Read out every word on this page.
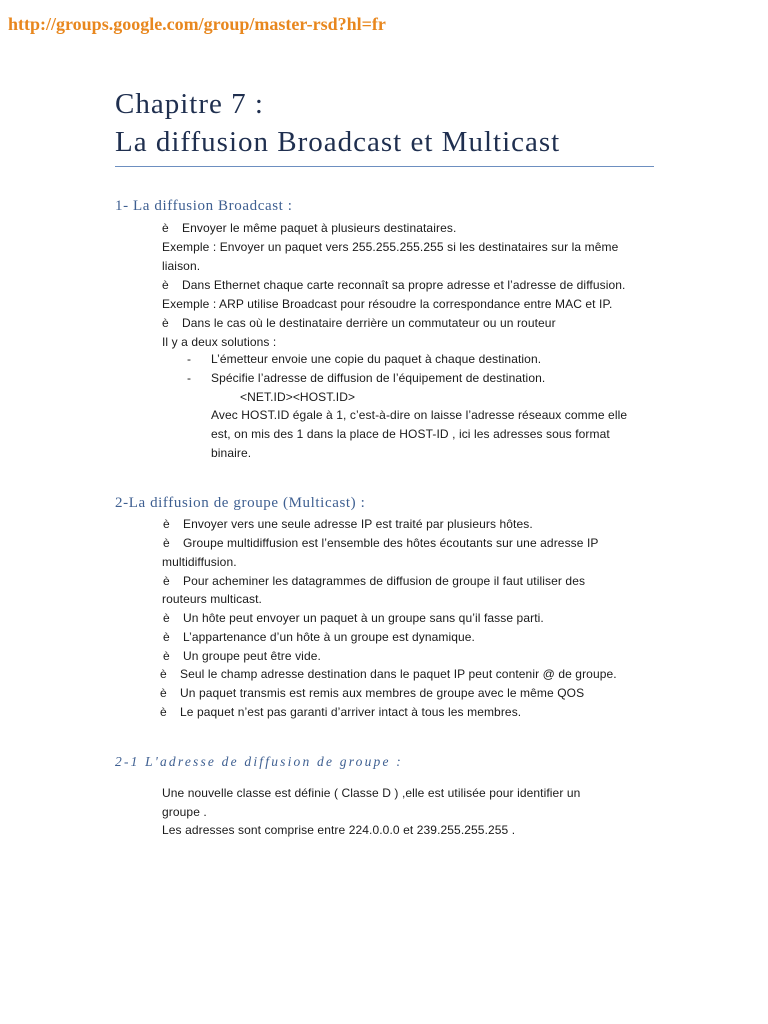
http://groups.google.com/group/master-rsd?hl=fr
Chapitre 7 :
La diffusion Broadcast et Multicast
1- La diffusion Broadcast :
è Envoyer le même paquet à plusieurs destinataires.
Exemple : Envoyer un paquet vers 255.255.255.255 si les destinataires sur la même
liaison.
è Dans Ethernet chaque carte reconnaît sa propre adresse et l’adresse de diffusion.
Exemple : ARP utilise Broadcast pour résoudre la correspondance entre MAC et IP.
è Dans le cas où le destinataire derrière un commutateur ou un routeur
Il y a deux solutions :
- L’émetteur envoie une copie du paquet à chaque destination.
- Spécifie l’adresse de diffusion de l’équipement de destination.
<NET.ID><HOST.ID>
Avec HOST.ID égale à 1, c’est-à-dire on laisse l’adresse réseaux comme elle
est, on mis des 1 dans la place de HOST-ID , ici les adresses sous format
binaire.
2-La diffusion de groupe (Multicast) :
è Envoyer vers une seule adresse IP est traité par plusieurs hôtes.
è Groupe multidiffusion est l’ensemble des hôtes écoutants sur une adresse IP
multidiffusion.
è Pour acheminer les datagrammes de diffusion de groupe il faut utiliser des
routeurs multicast.
è Un hôte peut envoyer un paquet à un groupe sans qu’il fasse parti.
è L’appartenance d’un hôte à un groupe est dynamique.
è Un groupe peut être vide.
è Seul le champ adresse destination dans le paquet IP peut contenir @ de groupe.
è Un paquet transmis est remis aux membres de groupe avec le même QOS
è Le paquet n’est pas garanti d’arriver intact à tous les membres.
2-1 L'adresse de diffusion de groupe :
Une nouvelle classe est définie ( Classe D ) ,elle est utilisée pour identifier un
groupe .
Les adresses sont comprise entre 224.0.0.0 et 239.255.255.255 .
